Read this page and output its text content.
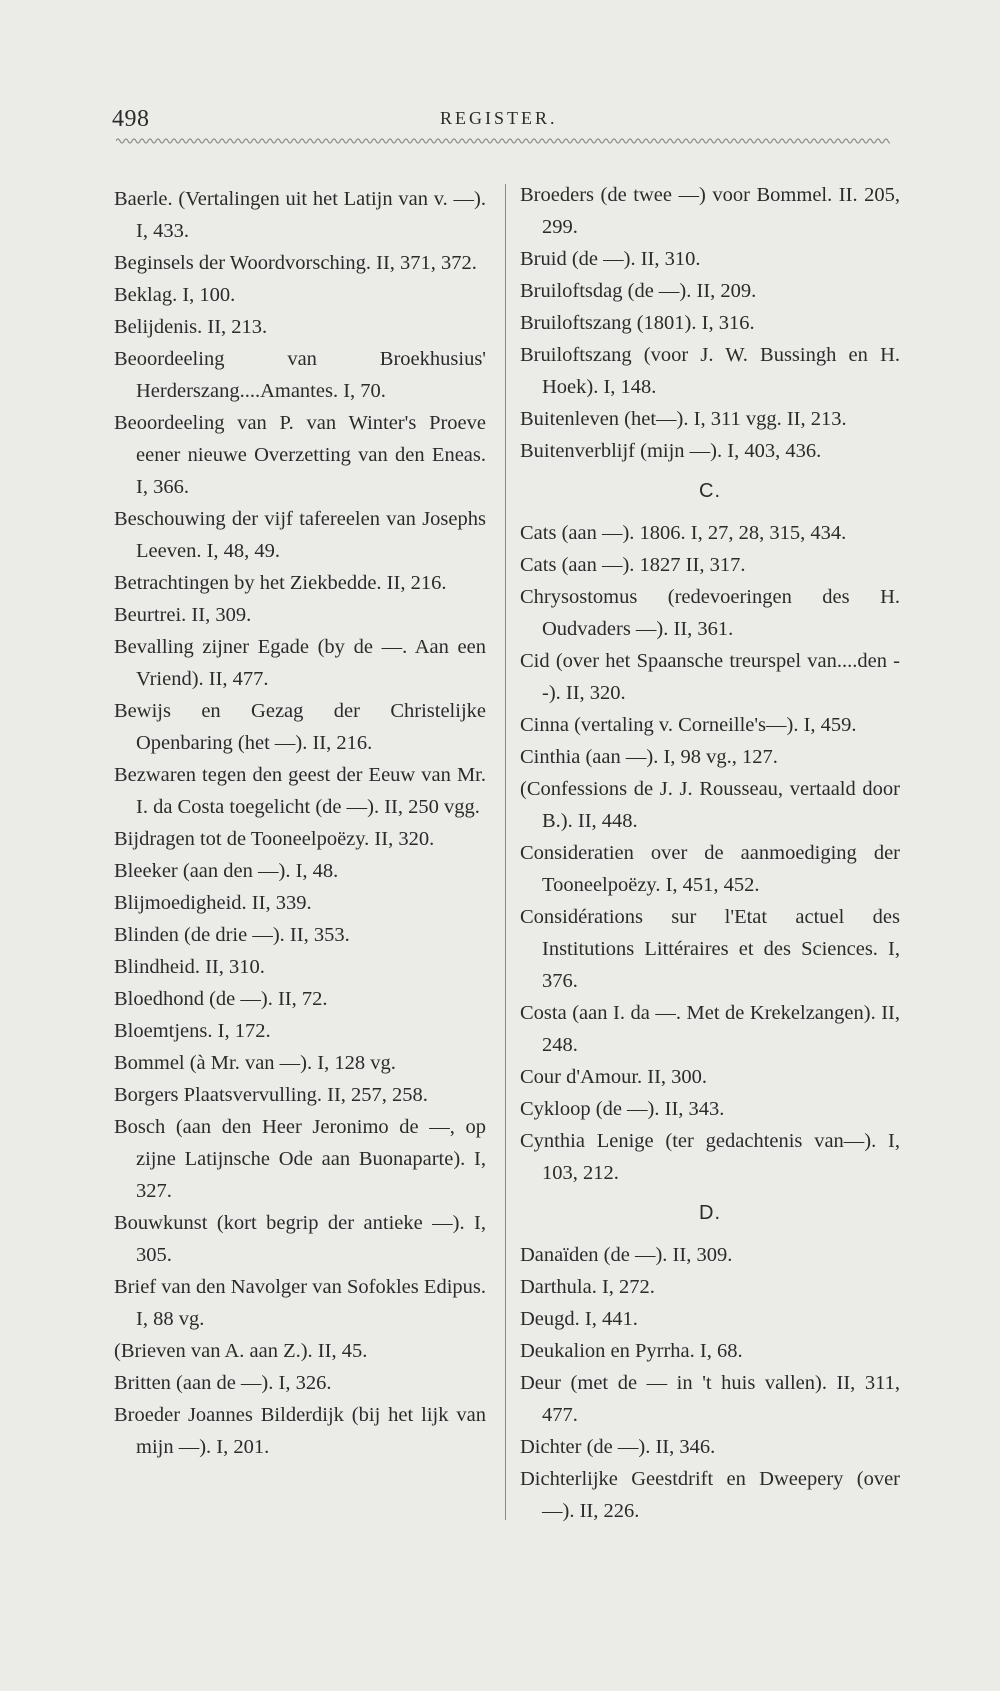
498	REGISTER.

Baerle. (Vertalingen uit het Latijn van v. —). I, 433.

Beginsels der Woordvorsching. II, 371, 372.

Beklag. I, 100.

Belijdenis. II, 213.

Beoordeeling van Broekhusius' Herderszang....Amantes. I, 70.

Beoordeeling van P. van Winter's Proeve eener nieuwe Overzetting van den Eneas. I, 366.

Beschouwing der vijf tafereelen van Josephs Leeven. I, 48, 49.

Betrachtingen by het Ziekbedde. II, 216.

Beurtrei. II, 309.

Bevalling zijner Egade (by de —. Aan een Vriend). II, 477.

Bewijs en Gezag der Christelijke Openbaring (het —). II, 216.

Bezwaren tegen den geest der Eeuw van Mr. I. da Costa toegelicht (de —). II, 250 vgg.

Bijdragen tot de Tooneelpoëzy. II, 320.

Bleeker (aan den —). I, 48.

Blijmoedigheid. II, 339.

Blinden (de drie —). II, 353.

Blindheid. II, 310.

Bloedhond (de —). II, 72.

Bloemtjens. I, 172.

Bommel (à Mr. van —). I, 128 vg.

Borgers Plaatsvervulling. II, 257, 258.

Bosch (aan den Heer Jeronimo de —, op zijne Latijnsche Ode aan Buonaparte). I, 327.

Bouwkunst (kort begrip der antieke —). I, 305.

Brief van den Navolger van Sofokles Edipus. I, 88 vg.

(Brieven van A. aan Z.). II, 45.

Britten (aan de —). I, 326.

Broeder Joannes Bilderdijk (bij het lijk van mijn —). I, 201.

Broeders (de twee —) voor Bommel. II. 205, 299.

Bruid (de —). II, 310.

Bruiloftsdag (de —). II, 209.

Bruiloftszang (1801). I, 316.

Bruiloftszang (voor J. W. Bussingh en H. Hoek). I, 148.

Buitenleven (het—). I, 311 vgg. II, 213.

Buitenverblijf (mijn —). I, 403, 436.

C.

Cats (aan —). 1806. I, 27, 28, 315, 434.

Cats (aan —). 1827 II, 317.

Chrysostomus (redevoeringen des H. Oudvaders —). II, 361.

Cid (over het Spaansche treurspel van....den --). II, 320.

Cinna (vertaling v. Corneille's—). I, 459.

Cinthia (aan —). I, 98 vg., 127.

(Confessions de J. J. Rousseau, vertaald door B.). II, 448.

Consideratien over de aanmoediging der Tooneelpoëzy. I, 451, 452.

Considérations sur l'Etat actuel des Institutions Littéraires et des Sciences. I, 376.

Costa (aan I. da —. Met de Krekelzangen). II, 248.

Cour d'Amour. II, 300.

Cykloop (de —). II, 343.

Cynthia Lenige (ter gedachtenis van—). I, 103, 212.

D.

Danaïden (de —). II, 309.

Darthula. I, 272.

Deugd. I, 441.

Deukalion en Pyrrha. I, 68.

Deur (met de — in 't huis vallen). II, 311, 477.

Dichter (de —). II, 346.

Dichterlijke Geestdrift en Dweepery (over —). II, 226.
